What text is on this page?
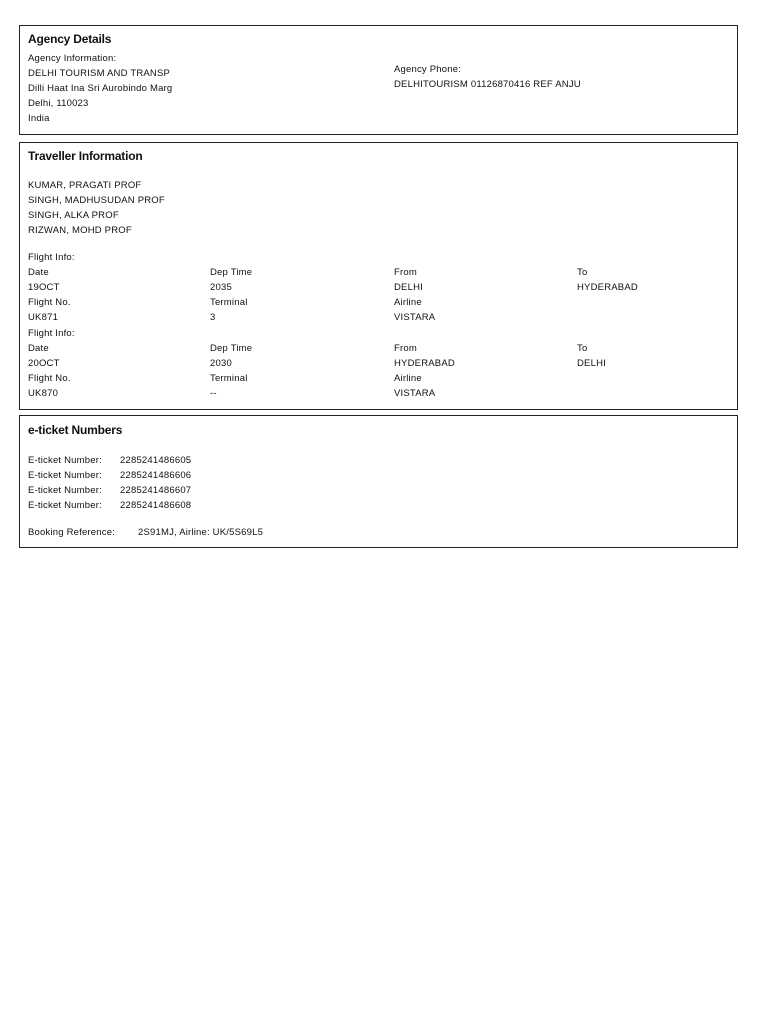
Agency Details
Agency Information:
DELHI TOURISM AND TRANSP
Dilli Haat Ina Sri Aurobindo Marg
Delhi, 110023
India
Agency Phone:
DELHITOURISM 01126870416 REF ANJU
Traveller Information
KUMAR, PRAGATI PROF
SINGH, MADHUSUDAN PROF
SINGH, ALKA PROF
RIZWAN, MOHD PROF
Flight Info:
Date	Dep Time	From	To
19OCT	2035	DELHI	HYDERABAD
Flight No.	Terminal	Airline
UK871	3	VISTARA
Flight Info:
Date	Dep Time	From	To
20OCT	2030	HYDERABAD	DELHI
Flight No.	Terminal	Airline
UK870	--	VISTARA
e-ticket Numbers
E-ticket Number: 2285241486605
E-ticket Number: 2285241486606
E-ticket Number: 2285241486607
E-ticket Number: 2285241486608
Booking Reference: 2S91MJ, Airline: UK/5S69L5
